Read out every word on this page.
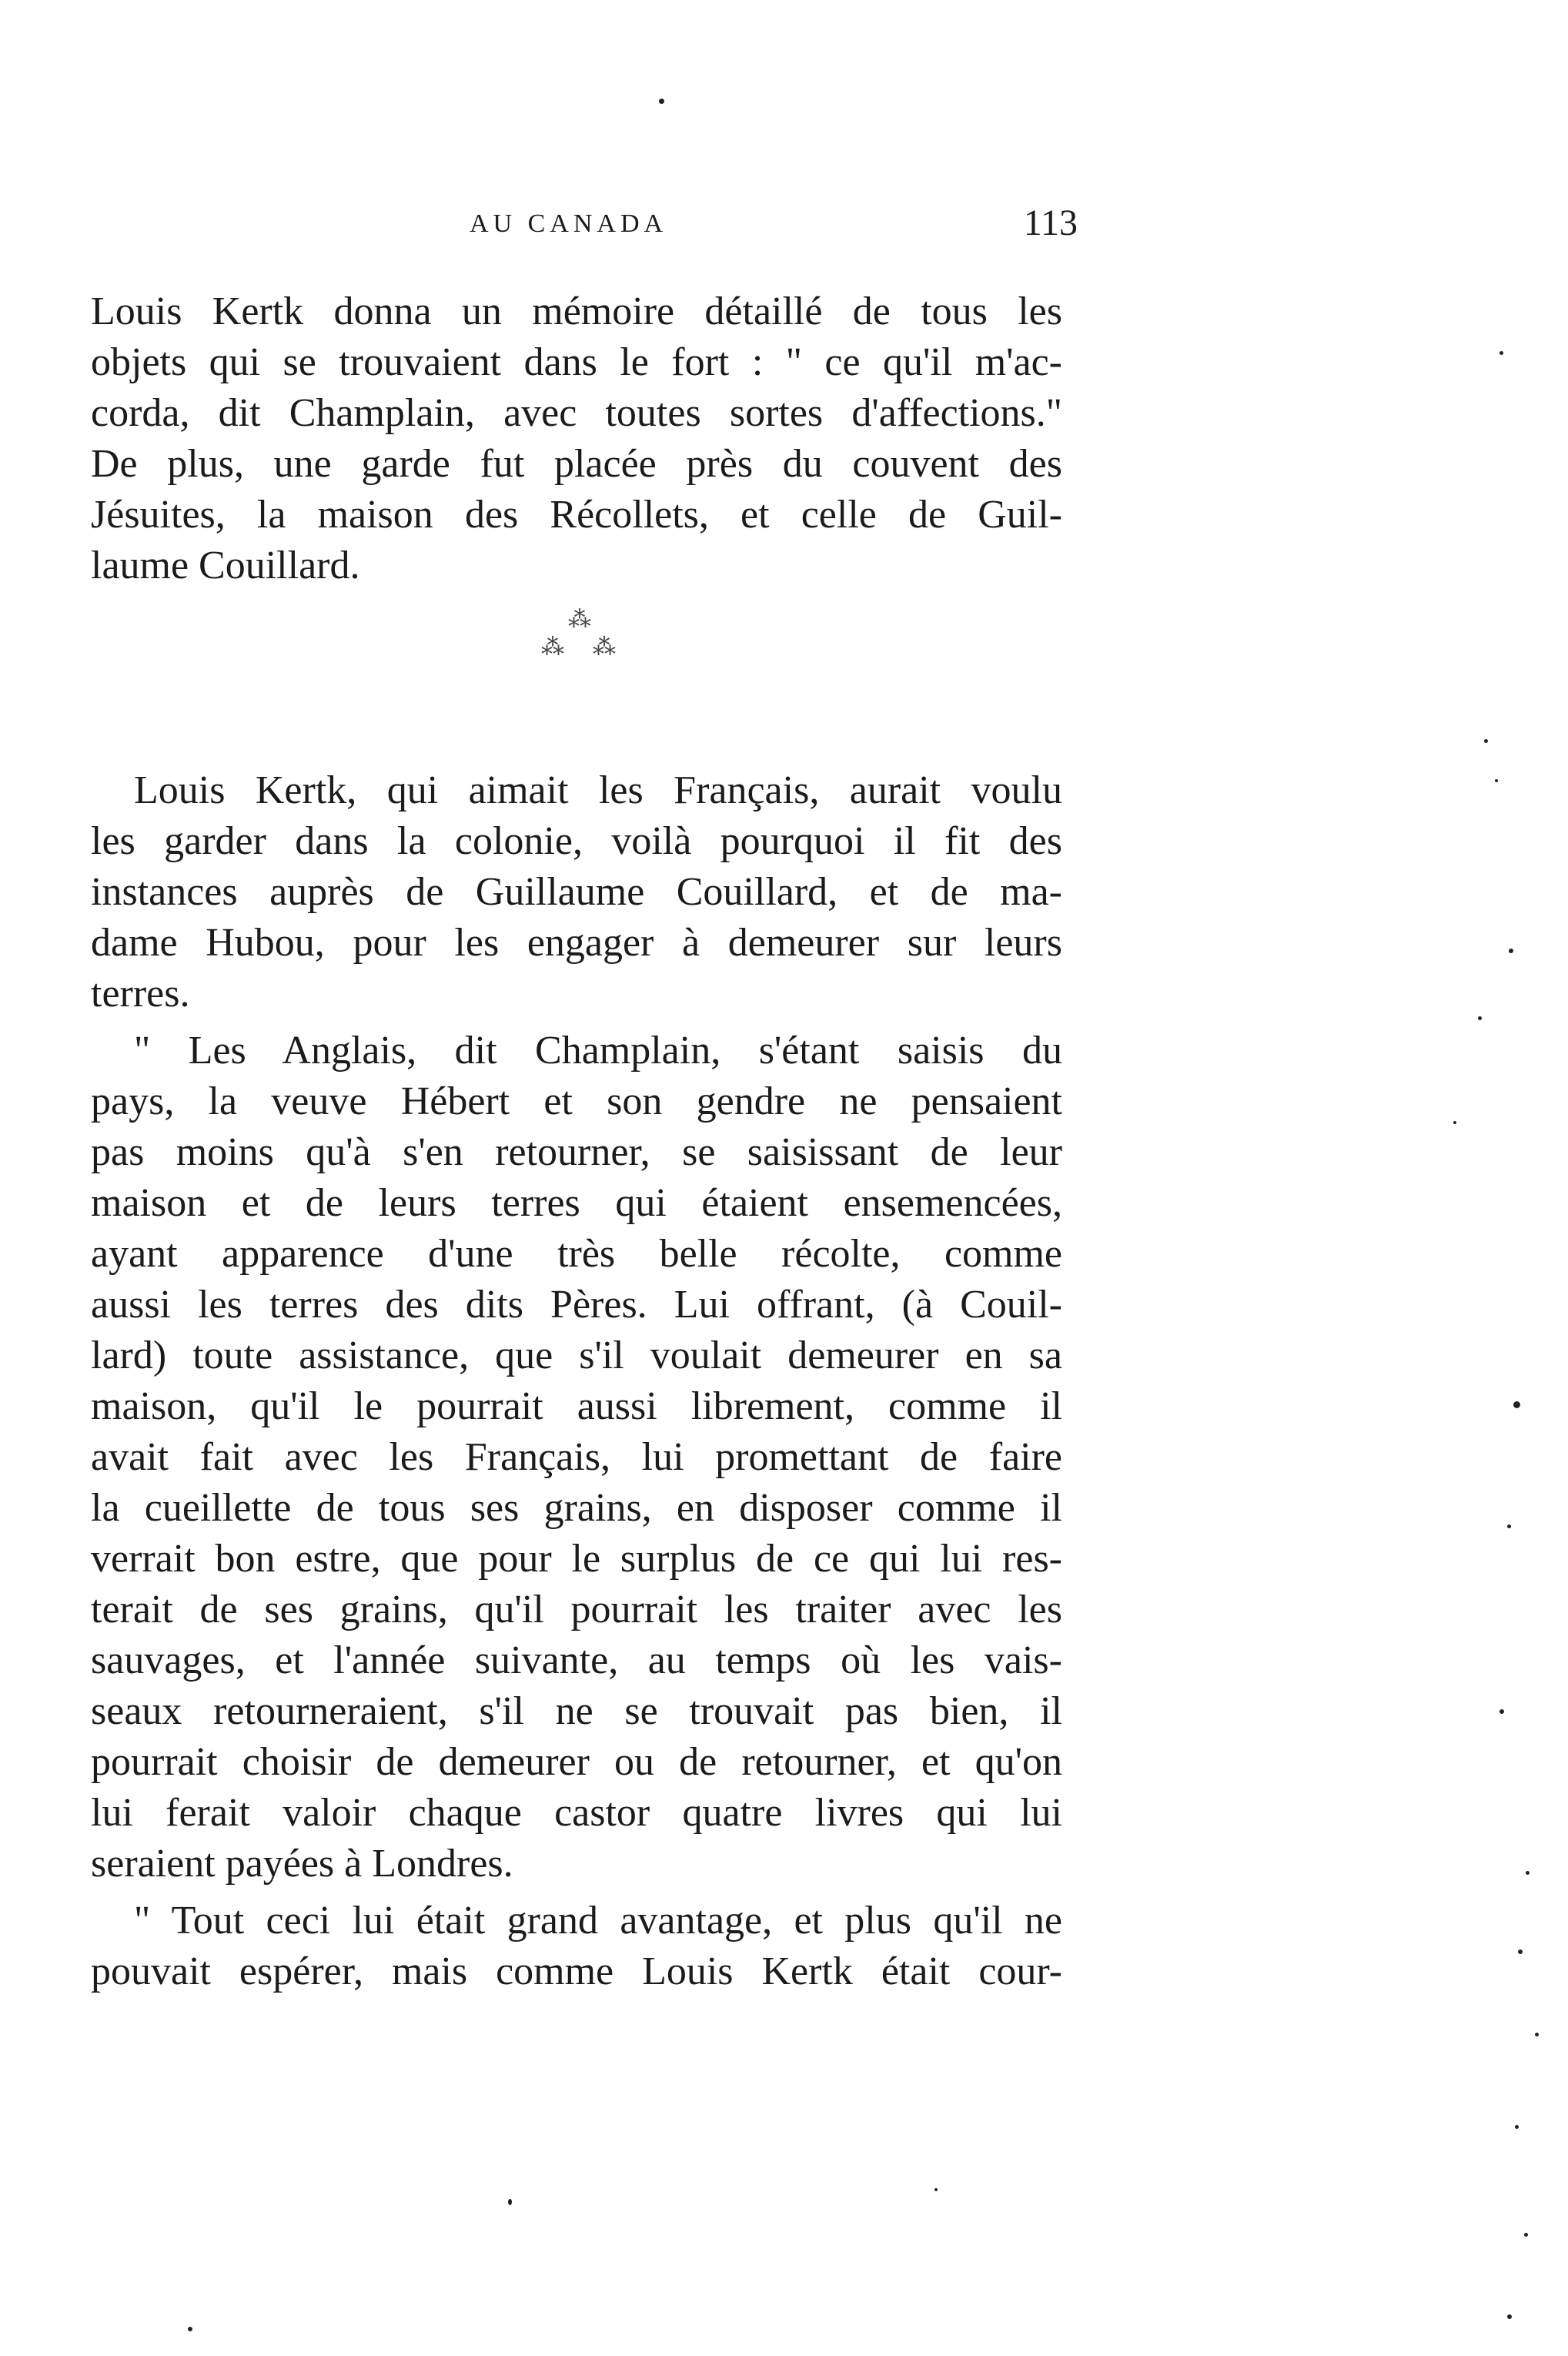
AU CANADA	113
Louis Kertk donna un mémoire détaillé de tous les
objets qui se trouvaient dans le fort : " ce qu'il m'ac-
corda, dit Champlain, avec toutes sortes d'affections."
De plus, une garde fut placée près du couvent des
Jésuites, la maison des Récollets, et celle de Guil-
laume Couillard.
⁂
⁂ ⁂
Louis Kertk, qui aimait les Français, aurait voulu
les garder dans la colonie, voilà pourquoi il fit des
instances auprès de Guillaume Couillard, et de ma-
dame Hubou, pour les engager à demeurer sur leurs
terres.
" Les Anglais, dit Champlain, s'étant saisis du
pays, la veuve Hébert et son gendre ne pensaient
pas moins qu'à s'en retourner, se saisissant de leur
maison et de leurs terres qui étaient ensemencées,
ayant apparence d'une très belle récolte, comme
aussi les terres des dits Pères. Lui offrant, (à Couil-
lard) toute assistance, que s'il voulait demeurer en sa
maison, qu'il le pourrait aussi librement, comme il
avait fait avec les Français, lui promettant de faire
la cueillette de tous ses grains, en disposer comme il
verrait bon estre, que pour le surplus de ce qui lui res-
terait de ses grains, qu'il pourrait les traiter avec les
sauvages, et l'année suivante, au temps où les vais-
seaux retourneraient, s'il ne se trouvait pas bien, il
pourrait choisir de demeurer ou de retourner, et qu'on
lui ferait valoir chaque castor quatre livres qui lui
seraient payées à Londres.
" Tout ceci lui était grand avantage, et plus qu'il ne
pouvait espérer, mais comme Louis Kertk était cour-
